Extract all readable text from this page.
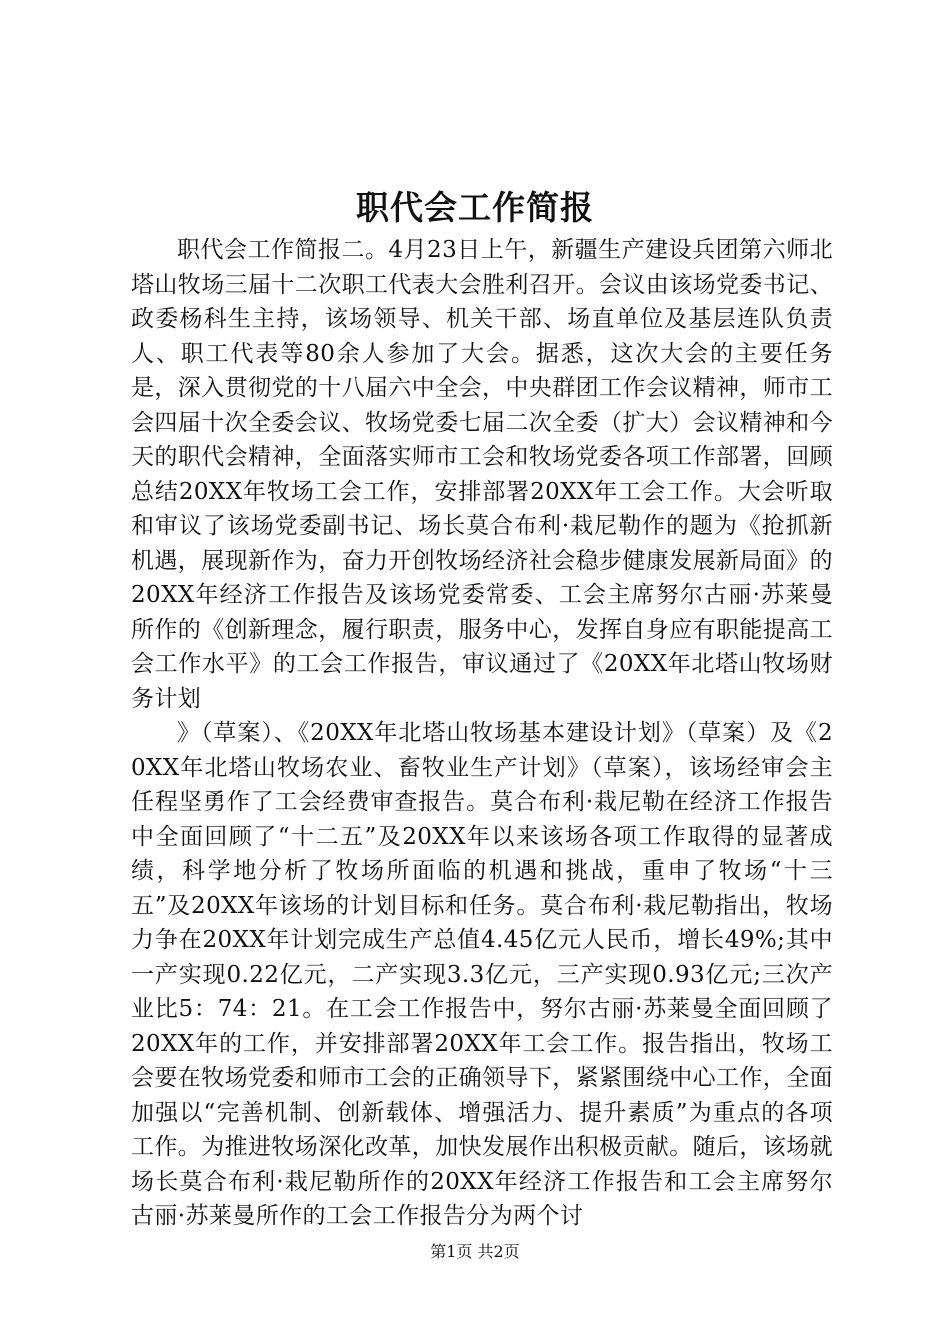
职代会工作简报

职代会工作简报二。4月23日上午，新疆生产建设兵团第六师北塔山牧场三届十二次职工代表大会胜利召开。会议由该场党委书记、政委杨科生主持，该场领导、机关干部、场直单位及基层连队负责人、职工代表等80余人参加了大会。据悉，这次大会的主要任务是，深入贯彻党的十八届六中全会，中央群团工作会议精神，师市工会四届十次全委会议、牧场党委七届二次全委（扩大）会议精神和今天的职代会精神，全面落实师市工会和牧场党委各项工作部署，回顾总结20XX年牧场工会工作，安排部署20XX年工会工作。大会听取和审议了该场党委副书记、场长莫合布利·栽尼勒作的题为《抢抓新机遇，展现新作为，奋力开创牧场经济社会稳步健康发展新局面》的20XX年经济工作报告及该场党委常委、工会主席努尔古丽·苏莱曼所作的《创新理念，履行职责，服务中心，发挥自身应有职能提高工会工作水平》的工会工作报告，审议通过了《20XX年北塔山牧场财务计划

》（草案）、《20XX年北塔山牧场基本建设计划》（草案）及《20XX年北塔山牧场农业、畜牧业生产计划》（草案），该场经审会主任程坚勇作了工会经费审查报告。莫合布利·栽尼勒在经济工作报告中全面回顾了“十二五”及20XX年以来该场各项工作取得的显著成绩，科学地分析了牧场所面临的机遇和挑战，重申了牧场“十三五”及20XX年该场的计划目标和任务。莫合布利·栽尼勒指出，牧场力争在20XX年计划完成生产总值4.45亿元人民币，增长49%;其中一产实现0.22亿元，二产实现3.3亿元，三产实现0.93亿元;三次产业比5：74：21。在工会工作报告中，努尔古丽·苏莱曼全面回顾了20XX年的工作，并安排部署20XX年工会工作。报告指出，牧场工会要在牧场党委和师市工会的正确领导下，紧紧围绕中心工作，全面加强以“完善机制、创新载体、增强活力、提升素质”为重点的各项工作。为推进牧场深化改革，加快发展作出积极贡献。随后，该场就场长莫合布利·栽尼勒所作的20XX年经济工作报告和工会主席努尔古丽·苏莱曼所作的工会工作报告分为两个讨

第1页 共2页
